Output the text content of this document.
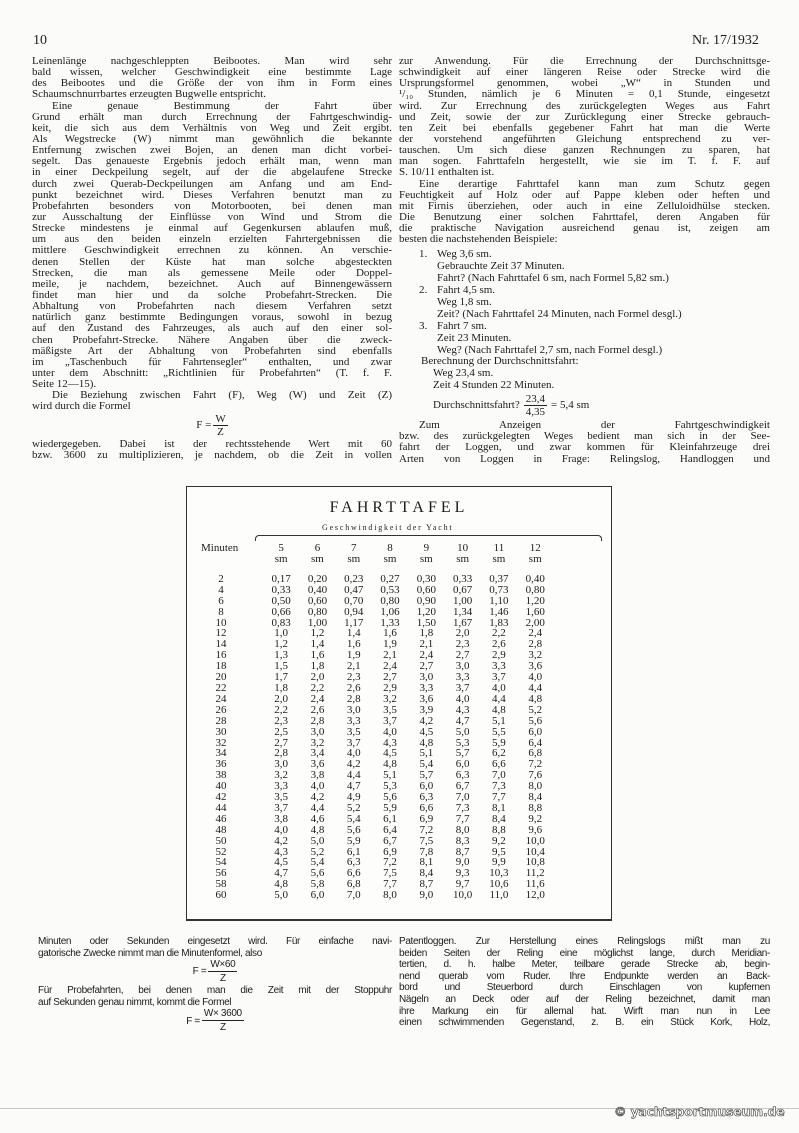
10	Nr. 17/1932
Leinenlänge nachgeschleppten Beibootes. Man wird sehr
bald wissen, welcher Geschwindigkeit eine bestimmte Lage
des Beibootes und die Größe der von ihm in Form eines
Schaumschnurrbartes erzeugten Bugwelle entspricht.
Eine genaue Bestimmung der Fahrt über
Grund erhält man durch Errechnung der Fahrtgeschwindig-
keit, die sich aus dem Verhältnis von Weg und Zeit ergibt.
Als Wegstrecke (W) nimmt man gewöhnlich die bekannte
Entfernung zwischen zwei Bojen, an denen man dicht vorbei-
segelt. Das genaueste Ergebnis jedoch erhält man, wenn man
in einer Deckpeilung segelt, auf der die abgelaufene Strecke
durch zwei Querab-Deckpeilungen am Anfang und am End-
punkt bezeichnet wird. Dieses Verfahren benutzt man zu
Probefahrten besonders von Motorbooten, bei denen man
zur Ausschaltung der Einflüsse von Wind und Strom die
Strecke mindestens je einmal auf Gegenkursen ablaufen muß,
um aus den beiden einzeln erzielten Fahrtergebnissen die
mittlere Geschwindigkeit errechnen zu können. An verschie-
denen Stellen der Küste hat man solche abgesteckten
Strecken, die man als gemessene Meile oder Doppel-
meile, je nachdem, bezeichnet. Auch auf Binnengewässern
findet man hier und da solche Probefahrt-Strecken. Die
Abhaltung von Probefahrten nach diesem Verfahren setzt
natürlich ganz bestimmte Bedingungen voraus, sowohl in bezug
auf den Zustand des Fahrzeuges, als auch auf den einer sol-
chen Probefahrt-Strecke. Nähere Angaben über die zweck-
mäßigste Art der Abhaltung von Probefahrten sind ebenfalls
im „Taschenbuch für Fahrtensegler“ enthalten, und zwar
unter dem Abschnitt: „Richtlinien für Probefahrten“ (T. f. F.
Seite 12—15).
Die Beziehung zwischen Fahrt (F), Weg (W) und Zeit (Z)
wird durch die Formel
$F = \frac{W}{Z}$
wiedergegeben. Dabei ist der rechtsstehende Wert mit 60
bzw. 3600 zu multiplizieren, je nachdem, ob die Zeit in vollen
zur Anwendung. Für die Errechnung der Durchschnittsge-
schwindigkeit auf einer längeren Reise oder Strecke wird die
Ursprungsformel genommen, wobei „W“ in Stunden und
¹/₁₀ Stunden, nämlich je 6 Minuten = 0,1 Stunde, eingesetzt
wird. Zur Errechnung des zurückgelegten Weges aus Fahrt
und Zeit, sowie der zur Zurücklegung einer Strecke gebrauch-
ten Zeit bei ebenfalls gegebener Fahrt hat man die Werte
der vorstehend angeführten Gleichung entsprechend zu ver-
tauschen. Um sich diese ganzen Rechnungen zu sparen, hat
man sogen. Fahrttafeln hergestellt, wie sie im T. f. F. auf
S. 10/11 enthalten ist.
Eine derartige Fahrttafel kann man zum Schutz gegen
Feuchtigkeit auf Holz oder auf Pappe kleben oder heften und
mit Firnis überziehen, oder auch in eine Zelluloidhülse stecken.
Die Benutzung einer solchen Fahrttafel, deren Angaben für
die praktische Navigation ausreichend genau ist, zeigen am
besten die nachstehenden Beispiele:
1. Weg 3,6 sm.
Gebrauchte Zeit 37 Minuten.
Fahrt? (Nach Fahrttafel 6 sm, nach Formel 5,82 sm.)
2. Fahrt 4,5 sm.
Weg 1,8 sm.
Zeit? (Nach Fahrttafel 24 Minuten, nach Formel desgl.)
3. Fahrt 7 sm.
Zeit 23 Minuten.
Weg? (Nach Fahrttafel 2,7 sm, nach Formel desgl.)
Berechnung der Durchschnittsfahrt:
Weg 23,4 sm.
Zeit 4 Stunden 22 Minuten.
Durchschnittsfahrt? $\frac{23,4}{4,35} = 5,4$ sm
Zum Anzeigen der Fahrtgeschwindigkeit
bzw. des zurückgelegten Weges bedient man sich in der See-
fahrt der Loggen, und zwar kommen für Kleinfahrzeuge drei
Arten von Loggen in Frage: Relingslog, Handloggen und
FAHRTTAFEL
Geschwindigkeit der Yacht
Minuten	5	6	7	8	9	10	11	12
	sm	sm	sm	sm	sm	sm	sm	sm

2	0,17	0,20	0,23	0,27	0,30	0,33	0,37	0,40
4	0,33	0,40	0,47	0,53	0,60	0,67	0,73	0,80
6	0,50	0,60	0,70	0,80	0,90	1,00	1,10	1,20
8	0,66	0,80	0,94	1,06	1,20	1,34	1,46	1,60
10	0,83	1,00	1,17	1,33	1,50	1,67	1,83	2,00
12	1,0	1,2	1,4	1,6	1,8	2,0	2,2	2,4
14	1,2	1,4	1,6	1,9	2,1	2,3	2,6	2,8
16	1,3	1,6	1,9	2,1	2,4	2,7	2,9	3,2
18	1,5	1,8	2,1	2,4	2,7	3,0	3,3	3,6
20	1,7	2,0	2,3	2,7	3,0	3,3	3,7	4,0
22	1,8	2,2	2,6	2,9	3,3	3,7	4,0	4,4
24	2,0	2,4	2,8	3,2	3,6	4,0	4,4	4,8
26	2,2	2,6	3,0	3,5	3,9	4,3	4,8	5,2
28	2,3	2,8	3,3	3,7	4,2	4,7	5,1	5,6
30	2,5	3,0	3,5	4,0	4,5	5,0	5,5	6,0
32	2,7	3,2	3,7	4,3	4,8	5,3	5,9	6,4
34	2,8	3,4	4,0	4,5	5,1	5,7	6,2	6,8
36	3,0	3,6	4,2	4,8	5,4	6,0	6,6	7,2
38	3,2	3,8	4,4	5,1	5,7	6,3	7,0	7,6
40	3,3	4,0	4,7	5,3	6,0	6,7	7,3	8,0
42	3,5	4,2	4,9	5,6	6,3	7,0	7,7	8,4
44	3,7	4,4	5,2	5,9	6,6	7,3	8,1	8,8
46	3,8	4,6	5,4	6,1	6,9	7,7	8,4	9,2
48	4,0	4,8	5,6	6,4	7,2	8,0	8,8	9,6
50	4,2	5,0	5,9	6,7	7,5	8,3	9,2	10,0
52	4,3	5,2	6,1	6,9	7,8	8,7	9,5	10,4
54	4,5	5,4	6,3	7,2	8,1	9,0	9,9	10,8
56	4,7	5,6	6,6	7,5	8,4	9,3	10,3	11,2
58	4,8	5,8	6,8	7,7	8,7	9,7	10,6	11,6
60	5,0	6,0	7,0	8,0	9,0	10,0	11,0	12,0
Minuten oder Sekunden eingesetzt wird. Für einfache navi-
gatorische Zwecke nimmt man die Minutenformel, also
$F = \frac{W\times 60}{Z}$
Für Probefahrten, bei denen man die Zeit mit der Stoppuhr
auf Sekunden genau nimmt, kommt die Formel
$F = \frac{W\times 3600}{Z}$
Patentloggen. Zur Herstellung eines Relingslogs mißt man zu
beiden Seiten der Reling eine möglichst lange, durch Meridian-
tertien, d. h. halbe Meter, teilbare gerade Strecke ab, begin-
nend querab vom Ruder. Ihre Endpunkte werden an Back-
bord und Steuerbord durch Einschlagen von kupfernen
Nägeln an Deck oder auf der Reling bezeichnet, damit man
ihre Markung ein für allemal hat. Wirft man nun in Lee
einen schwimmenden Gegenstand, z. B. ein Stück Kork, Holz,
© yachtsportmuseum.de
